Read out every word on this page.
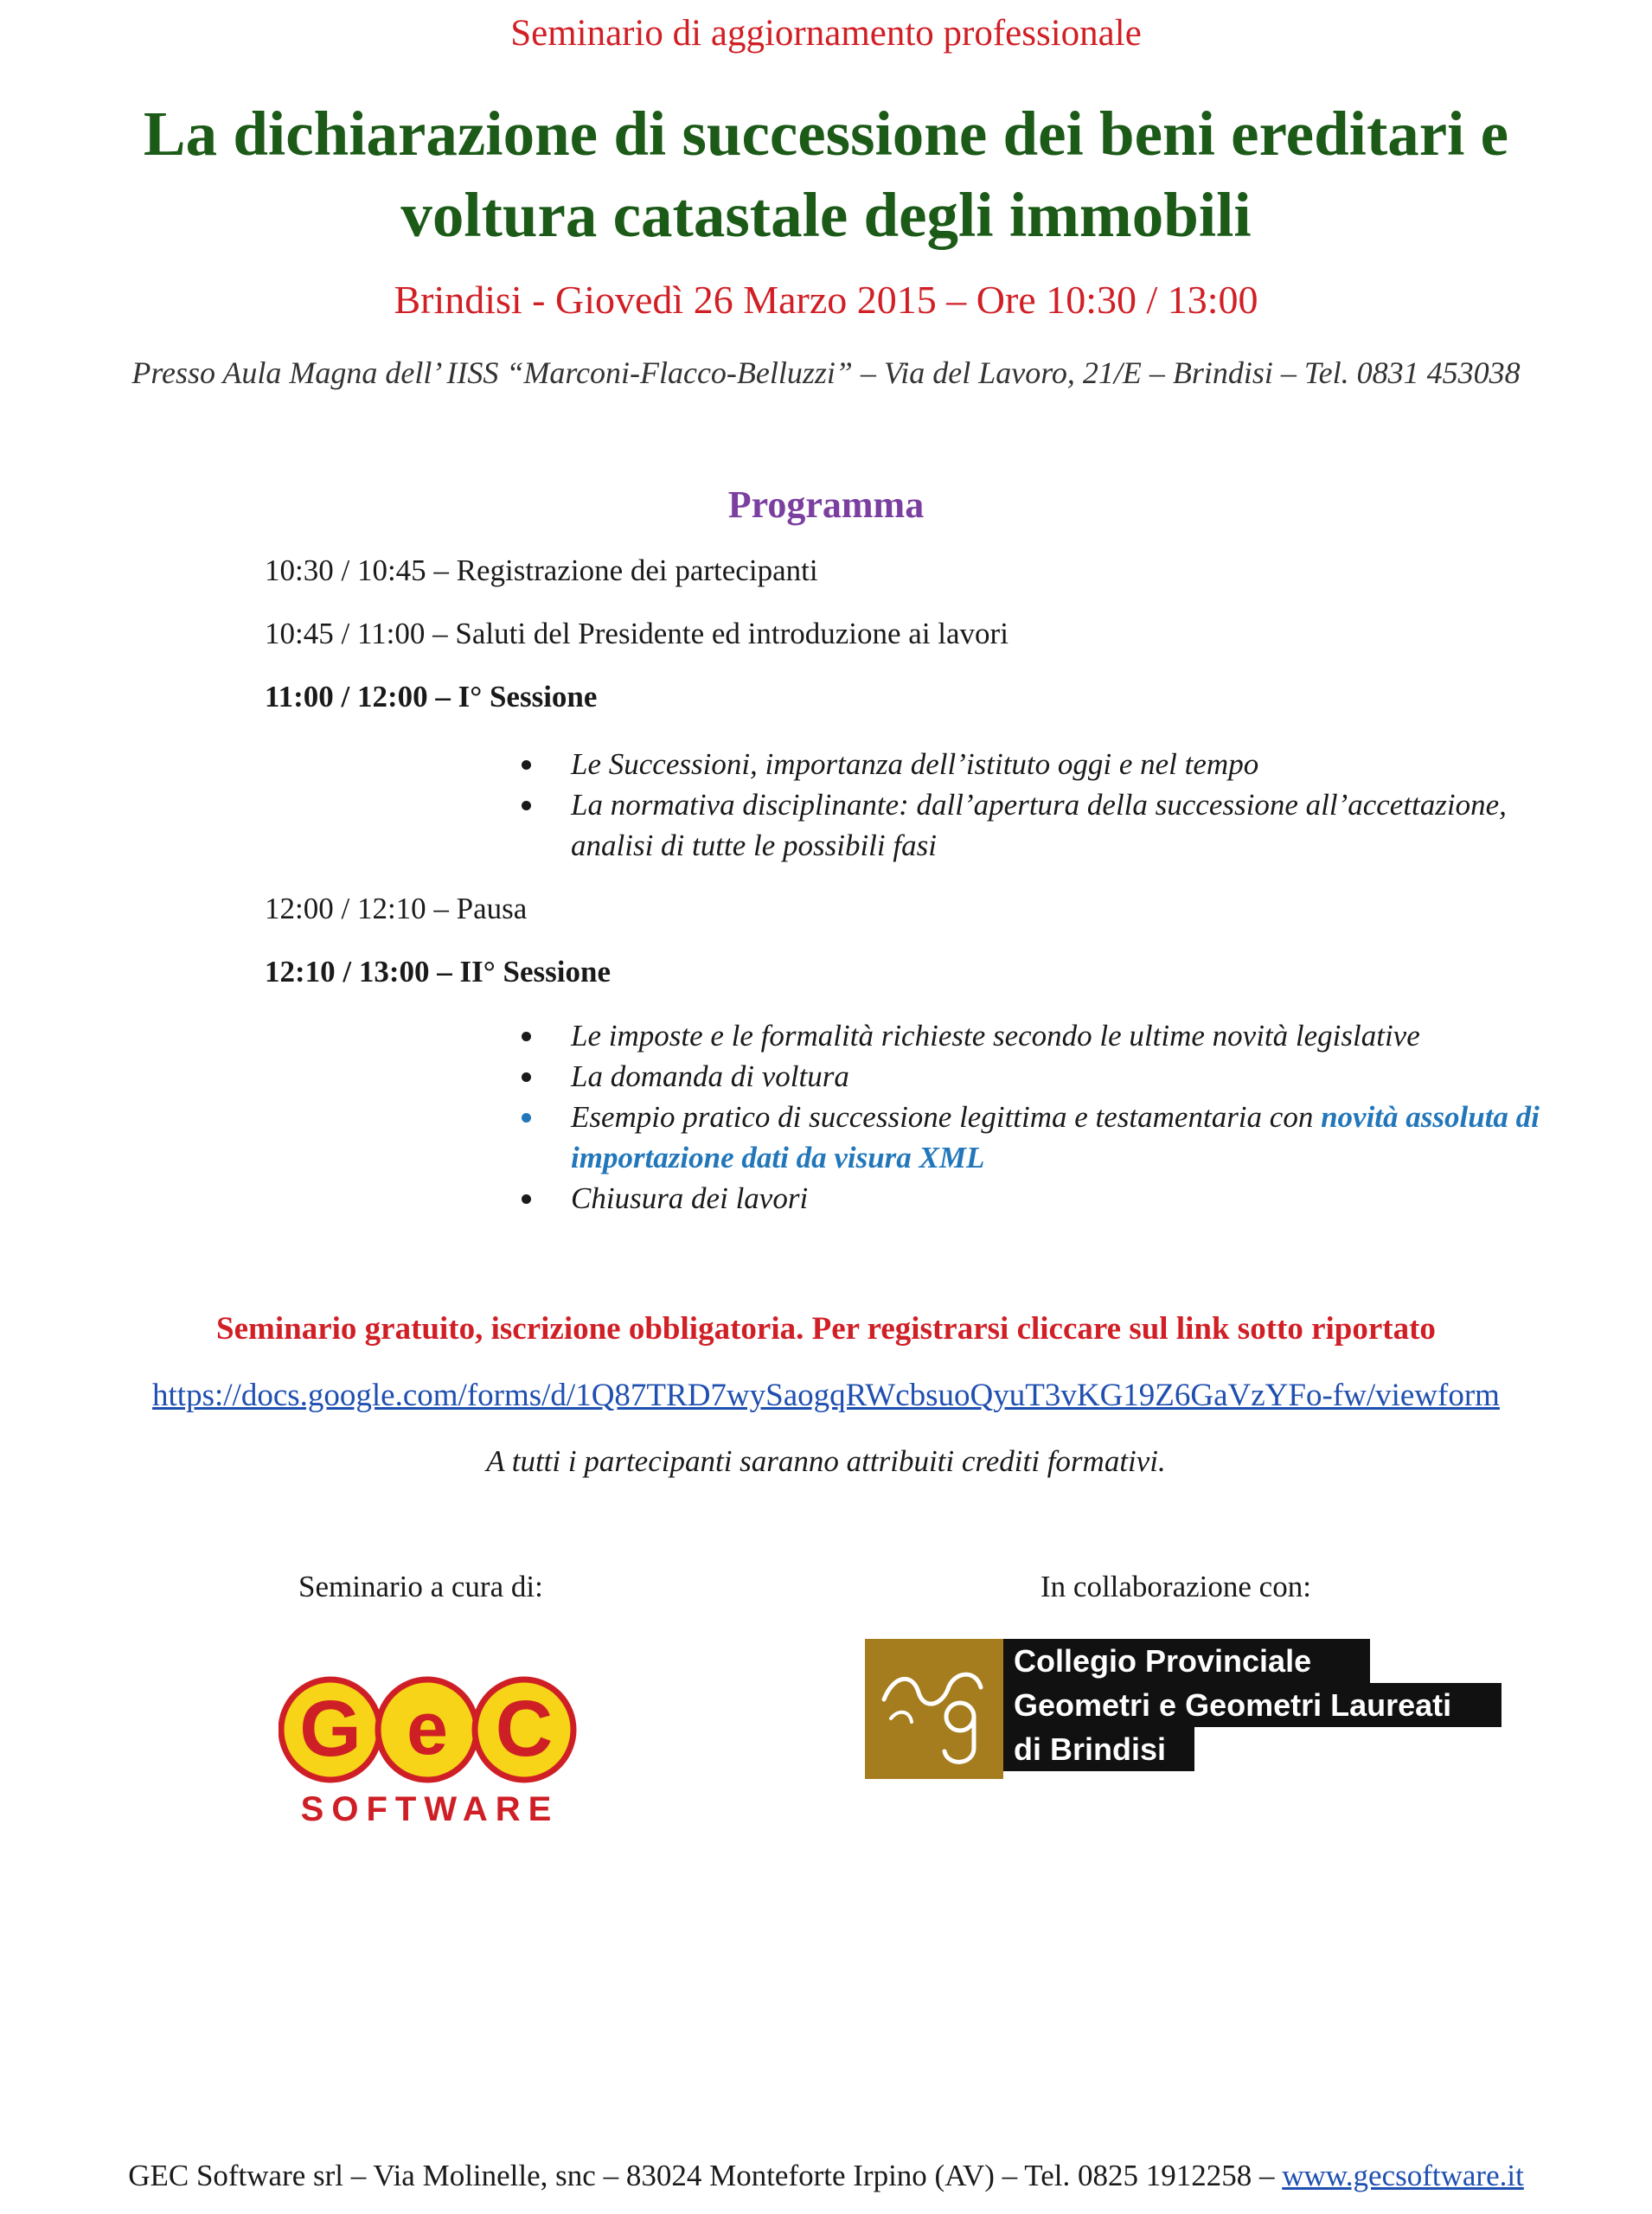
Seminario di aggiornamento professionale
La dichiarazione di successione dei beni ereditari e
voltura catastale degli immobili
Brindisi - Giovedì 26 Marzo 2015 – Ore 10:30 / 13:00
Presso Aula Magna dell’ IISS “Marconi-Flacco-Belluzzi” – Via del Lavoro, 21/E – Brindisi – Tel. 0831 453038
Programma
10:30 / 10:45 – Registrazione dei partecipanti
10:45 / 11:00 – Saluti del Presidente ed introduzione ai lavori
11:00 / 12:00 – I° Sessione
Le Successioni, importanza dell’istituto oggi e nel tempo
La normativa disciplinante: dall’apertura della successione all’accettazione, analisi di tutte le possibili fasi
12:00 / 12:10 – Pausa
12:10 / 13:00 – II° Sessione
Le imposte e le formalità richieste secondo le ultime novità legislative
La domanda di voltura
Esempio pratico di successione legittima e testamentaria con novità assoluta di importazione dati da visura XML
Chiusura dei lavori
Seminario gratuito, iscrizione obbligatoria. Per registrarsi cliccare sul link sotto riportato
https://docs.google.com/forms/d/1Q87TRD7wySaogqRWcbsuoQyuT3vKG19Z6GaVzYFo-fw/viewform
A tutti i partecipanti saranno attribuiti crediti formativi.
Seminario a cura di:	In collaborazione con:
G e C
SOFTWARE
Collegio Provinciale
Geometri e Geometri Laureati
di Brindisi
GEC Software srl – Via Molinelle, snc – 83024 Monteforte Irpino (AV) – Tel. 0825 1912258 – www.gecsoftware.it
